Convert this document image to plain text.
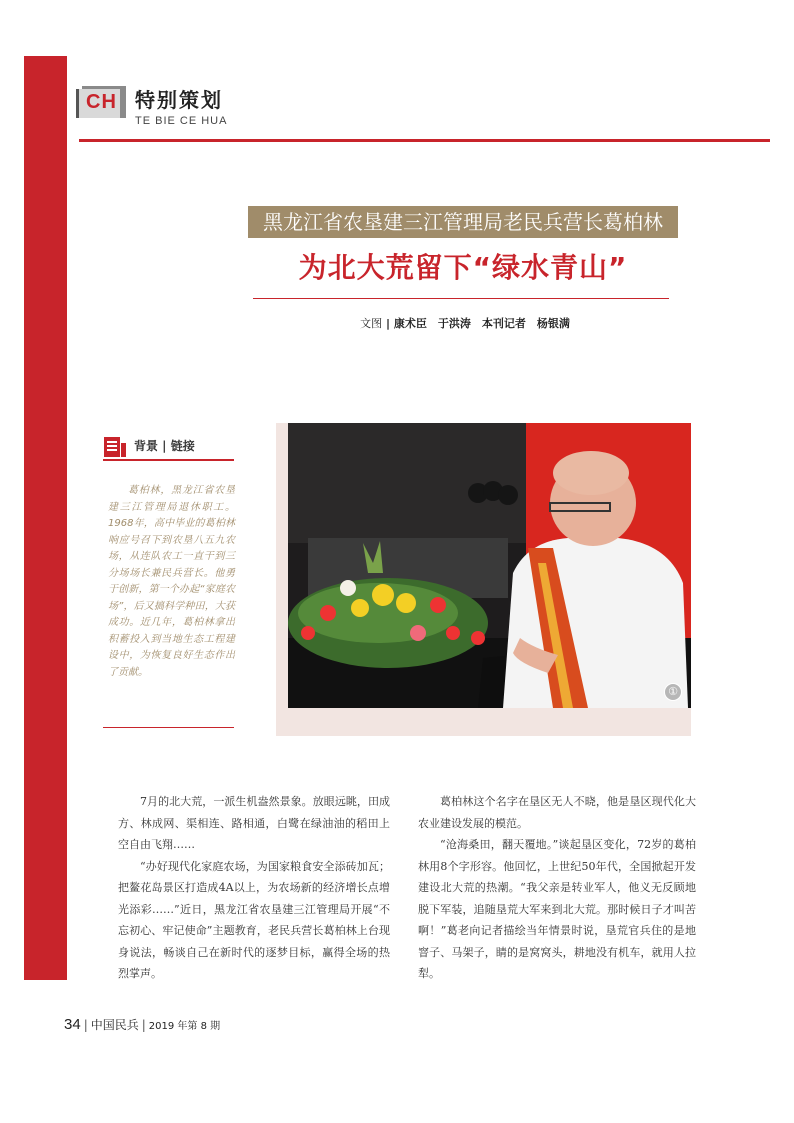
CH 特别策划
TE BIE CE HUA
黑龙江省农垦建三江管理局老民兵营长葛柏林
为北大荒留下“绿水青山”
文图 | 康术臣　于洪涛　本刊记者　杨银满
背景 | 链接
葛柏林，黑龙江省农垦建三江管理局退休职工。1968年，高中毕业的葛柏林响应号召下到农垦八五九农场，从连队农工一直干到三分场场长兼民兵营长。他勇于创新，第一个办起“家庭农场”，后又搞科学种田，大获成功。近几年，葛柏林拿出积蓄投入到当地生态工程建设中，为恢复良好生态作出了贡献。
①

7月的北大荒，一派生机盎然景象。放眼远眺，田成方、林成网、渠相连、路相通，白鹭在绿油油的稻田上空自由飞翔……

“办好现代化家庭农场，为国家粮食安全添砖加瓦；把鳌花岛景区打造成4A以上，为农场新的经济增长点增光添彩……”近日，黑龙江省农垦建三江管理局开展“不忘初心、牢记使命”主题教育，老民兵营长葛柏林上台现身说法，畅谈自己在新时代的逐梦目标，赢得全场的热烈掌声。

葛柏林这个名字在垦区无人不晓，他是垦区现代化大农业建设发展的模范。

“沧海桑田，翻天覆地。”谈起垦区变化，72岁的葛柏林用8个字形容。他回忆，上世纪50年代，全国掀起开发建设北大荒的热潮。“我父亲是转业军人，他义无反顾地脱下军装，追随垦荒大军来到北大荒。那时候日子才叫苦啊！”葛老向记者描绘当年情景时说，垦荒官兵住的是地窨子、马架子，睛的是窝窝头，耕地没有机车，就用人拉犁。

34 | 中国民兵 | 2019 年第 8 期
